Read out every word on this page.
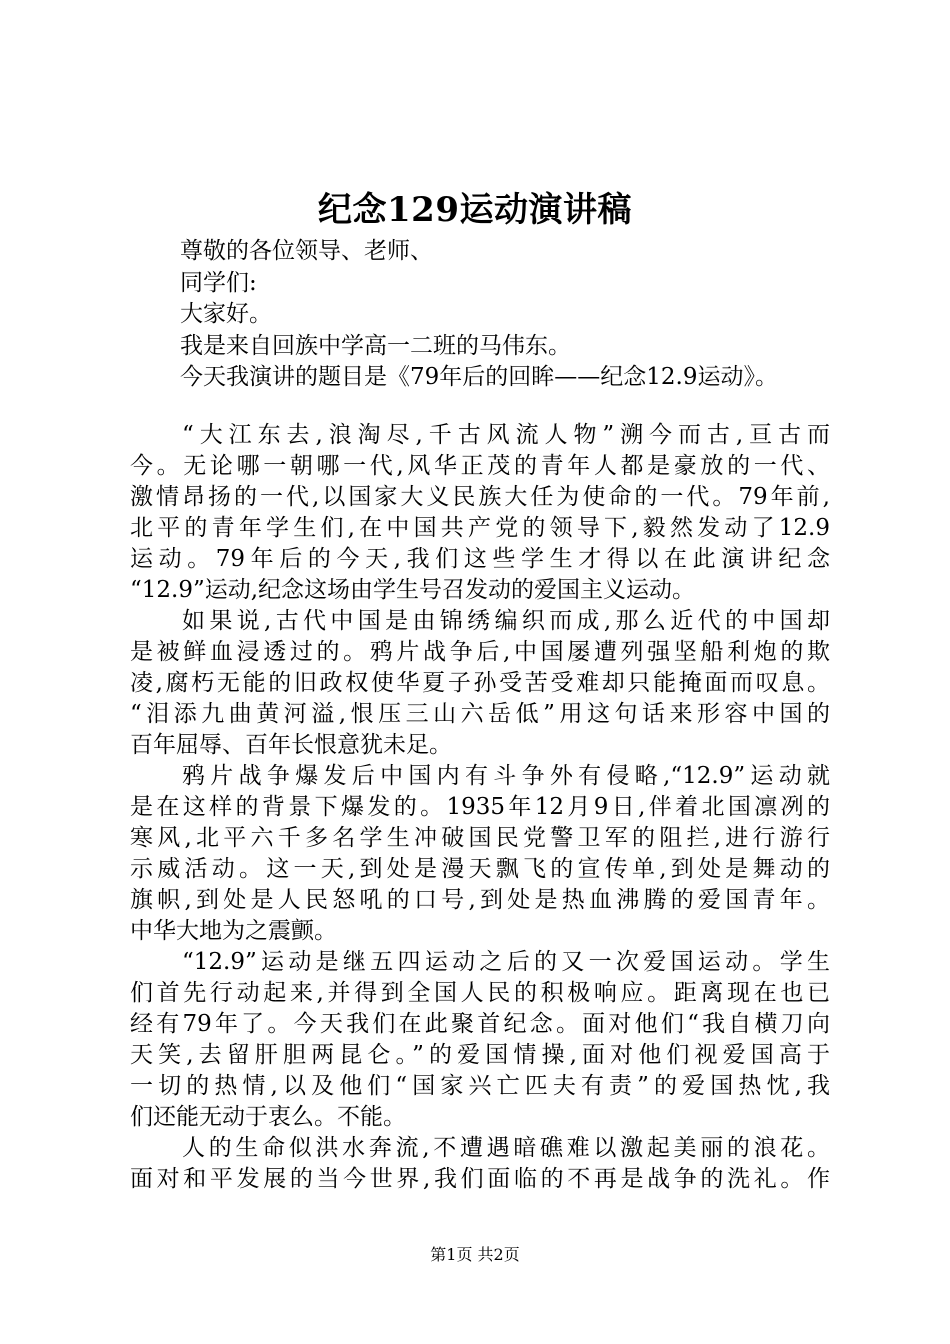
纪念129运动演讲稿
尊敬的各位领导、老师、
同学们:
大家好。
我是来自回族中学高一二班的马伟东。
今天我演讲的题目是《79年后的回眸——纪念12.9运动》。
“大江东去,浪淘尽,千古风流人物”溯今而古,亘古而
今。无论哪一朝哪一代,风华正茂的青年人都是豪放的一代、
激情昂扬的一代,以国家大义民族大任为使命的一代。79年前,
北平的青年学生们,在中国共产党的领导下,毅然发动了12.9
运动。79年后的今天,我们这些学生才得以在此演讲纪念
“12.9”运动,纪念这场由学生号召发动的爱国主义运动。
如果说,古代中国是由锦绣编织而成,那么近代的中国却
是被鲜血浸透过的。鸦片战争后,中国屡遭列强坚船利炮的欺
凌,腐朽无能的旧政权使华夏子孙受苦受难却只能掩面而叹息。
“泪添九曲黄河溢,恨压三山六岳低”用这句话来形容中国的
百年屈辱、百年长恨意犹未足。
鸦片战争爆发后中国内有斗争外有侵略,“12.9”运动就
是在这样的背景下爆发的。1935年12月9日,伴着北国凛冽的
寒风,北平六千多名学生冲破国民党警卫军的阻拦,进行游行
示威活动。这一天,到处是漫天飘飞的宣传单,到处是舞动的
旗帜,到处是人民怒吼的口号,到处是热血沸腾的爱国青年。
中华大地为之震颤。
“12.9”运动是继五四运动之后的又一次爱国运动。学生
们首先行动起来,并得到全国人民的积极响应。距离现在也已
经有79年了。今天我们在此聚首纪念。面对他们“我自横刀向
天笑,去留肝胆两昆仑。”的爱国情操,面对他们视爱国高于
一切的热情,以及他们“国家兴亡匹夫有责”的爱国热忱,我
们还能无动于衷么。不能。
人的生命似洪水奔流,不遭遇暗礁难以激起美丽的浪花。
面对和平发展的当今世界,我们面临的不再是战争的洗礼。作
第1页 共2页
